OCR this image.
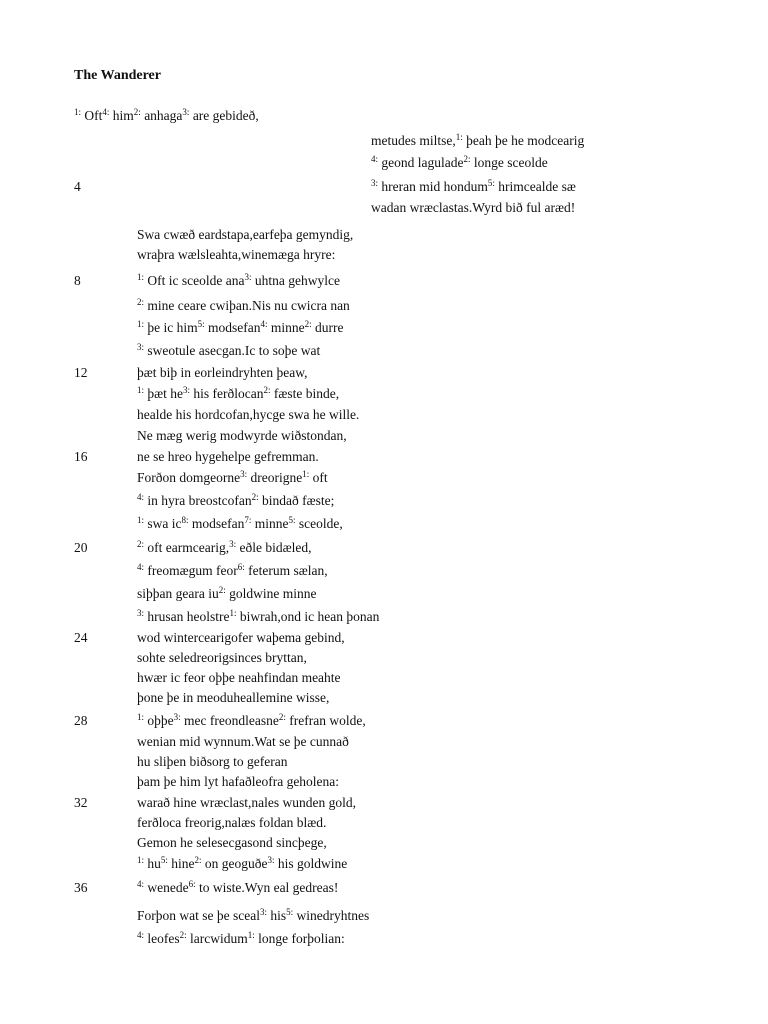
The Wanderer
4
8
12
16
20
24
28
32
36
$^{1:}$ Oft$^{4:}$ him$^{2:}$ anhaga$^{3:}$ are gebideð,
metudes miltse,$^{1:}$ þeah þe he modcearig
$^{4:}$ geond lagulade$^{2:}$ longe sceolde
$^{3:}$ hreran mid hondum$^{5:}$ hrimcealde sæ
wadan wræclastas.Wyrd bið ful aræd!
Swa cwæð eardstapa,earfeþa gemyndig,
wraþra wælsleahta,winemæga hryre:
$^{1:}$ Oft ic sceolde ana$^{3:}$ uhtna gehwylce
$^{2:}$ mine ceare cwiþan.Nis nu cwicra nan
$^{1:}$ þe ic him$^{5:}$ modsefan$^{4:}$ minne$^{2:}$ durre
$^{3:}$ sweotule asecgan.Ic to soþe wat
þæt biþ in eorleindryhten þeaw,
$^{1:}$ þæt $he^{3:}$ his ferðlocan$^{2:}$ fæste binde,
healde his hordcofan,hycge swa he wille.
Ne mæg werig modwyrde wiðstondan,
ne se hreo hygehelpe gefremman.
Forðon domgeorne$^{3:}$ dreorigne$^{1:}$ oft
$^{4:}$ in hyra breostcofan$^{2:}$ bindað fæste;
$^{1:}$ swa $ic^{8:}$ modsefan$^{7:}$ minne$^{5:}$ sceolde,
$^{2:}$ oft earmcearig,$^{3:}$ eðle bidæled,
$^{4:}$ freomægum feor$^{6:}$ feterum sælan,
siþþan geara $iu^{2:}$ goldwine minne
$^{3:}$ hrusan heolstre$^{1:}$ biwrah,ond ic hean þonan
wod wintercearigofer waþema gebind,
sohte seledreorigsinces bryttan,
hwær ic feor oþþe neahfindan meahte
þone þe in meoduheallemine wisse,
$^{1:}$ oþþe$^{3:}$ mec freondleasne$^{2:}$ frefran wolde,
wenian mid wynnum.Wat se þe cunnað
hu sliþen biðsorg to geferan
þam þe him lyt hafaðleofra geholena:
warað hine wræclast,nales wunden gold,
ferðloca freorig,nalæs foldan blæd.
Gemon he selesecgasond sincþege,
$^{1:}$ $hu^{5:}$ hine$^{2:}$ on geoguðe$^{3:}$ his goldwine
$^{4:}$ wenede$^{6:}$ to wiste.Wyn eal gedreas!
Forþon wat se þe sceal$^{3:}$ his$^{5:}$ winedryhtnes
$^{4:}$ leofes$^{2:}$ larcwidum$^{1:}$ longe forþolian:
